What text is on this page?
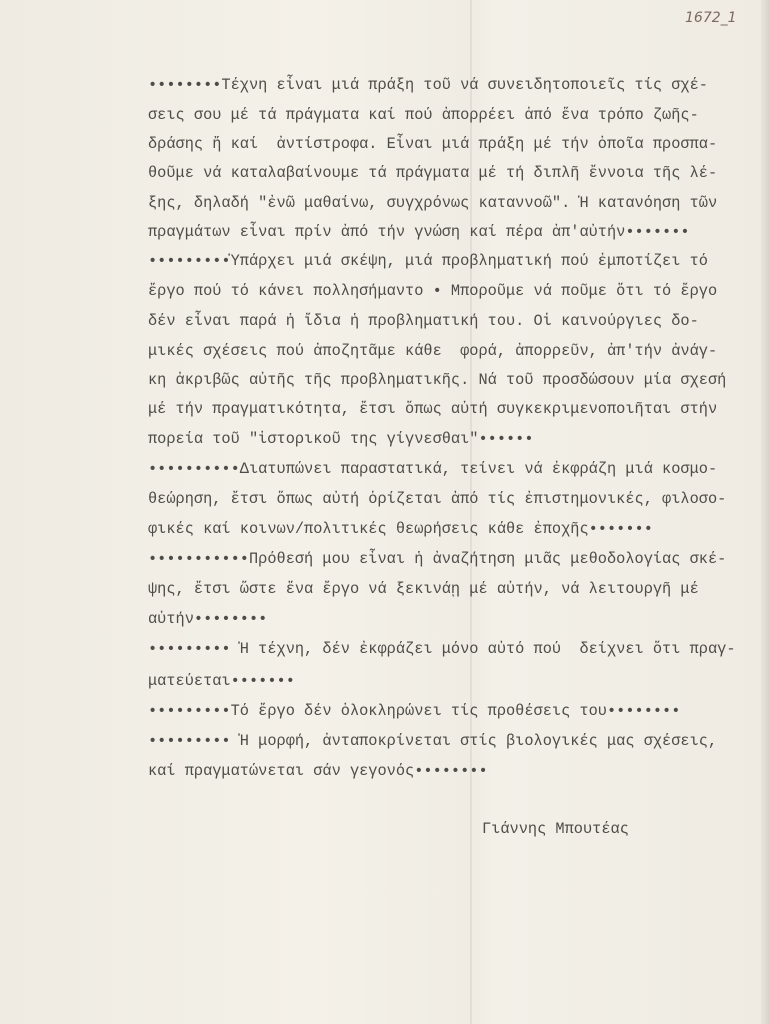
1672_1
••••••••Τέχνη εἶναι μιά πράξη τοῦ νά συνειδητοποιεῖς τίς σχέ-
σεις σου μέ τά πράγματα καί πού ἀπορρέει ἀπό ἕνα τρόπο ζωῆς-
δράσης ἤ καί  ἀντίστροφα. Εἶναι μιά πράξη μέ τήν ὁποῖα προσπα-
θοῦμε νά καταλαβαίνουμε τά πράγματα μέ τή διπλῆ ἔννοια τῆς λέ-
ξης, δηλαδή "ἐνῶ μαθαίνω, συγχρόνως καταννοῶ". Ἡ κατανόηση τῶν
πραγμάτων εἶναι πρίν ἀπό τήν γνώση καί πέρα ἀπ'αὐτήν•••••••
•••••••••Ὑπάρχει μιά σκέψη, μιά προβληματική πού ἐμποτίζει τό
ἔργο πού τό κάνει πολλησήμαντο • Μποροῦμε νά ποῦμε ὅτι τό ἔργο
δέν εἶναι παρά ἡ ἴδια ἡ προβληματική του. Οἱ καινούργιες δο-
μικές σχέσεις πού ἀποζητᾶμε κάθε  φορά, ἀπορρεῦν, ἀπ'τήν ἀνάγ-
κη ἀκριβῶς αὐτῆς τῆς προβληματικῆς. Νά τοῦ προσδώσουν μία σχεσή
μέ τήν πραγματικότητα, ἔτσι ὅπως αὐτή συγκεκριμενοποιῆται στήν
πορεία τοῦ "ἱστορικοῦ της γίγνεσθαι"••••••
••••••••••Διατυπώνει παραστατικά, τείνει νά ἐκφράζη μιά κοσμο-
θεώρηση, ἔτσι ὅπως αὐτή ὁρίζεται ἀπό τίς ἐπιστημονικές, φιλοσο-
φικές καί κοινων/πολιτικές θεωρήσεις κάθε ἐποχῆς•••••••
•••••••••••Πρόθεσή μου εἶναι ἡ ἀναζήτηση μιᾶς μεθοδολογίας σκέ-
ψης, ἔτσι ὥστε ἕνα ἔργο νά ξεκινάῃ μέ αὐτήν, νά λειτουργῆ μέ
αὐτήν••••••••
••••••••• Ἡ τέχνη, δέν ἐκφράζει μόνο αὐτό πού  δείχνει ὅτι πραγ-
ματεύεται•••••••
•••••••••Τό ἔργο δέν ὁλοκληρώνει τίς προθέσεις του••••••••
••••••••• Ἡ μορφή, ἀνταποκρίνεται στίς βιολογικές μας σχέσεις,
καί πραγματώνεται σάν γεγονός••••••••
Γιάννης Μπουτέας
